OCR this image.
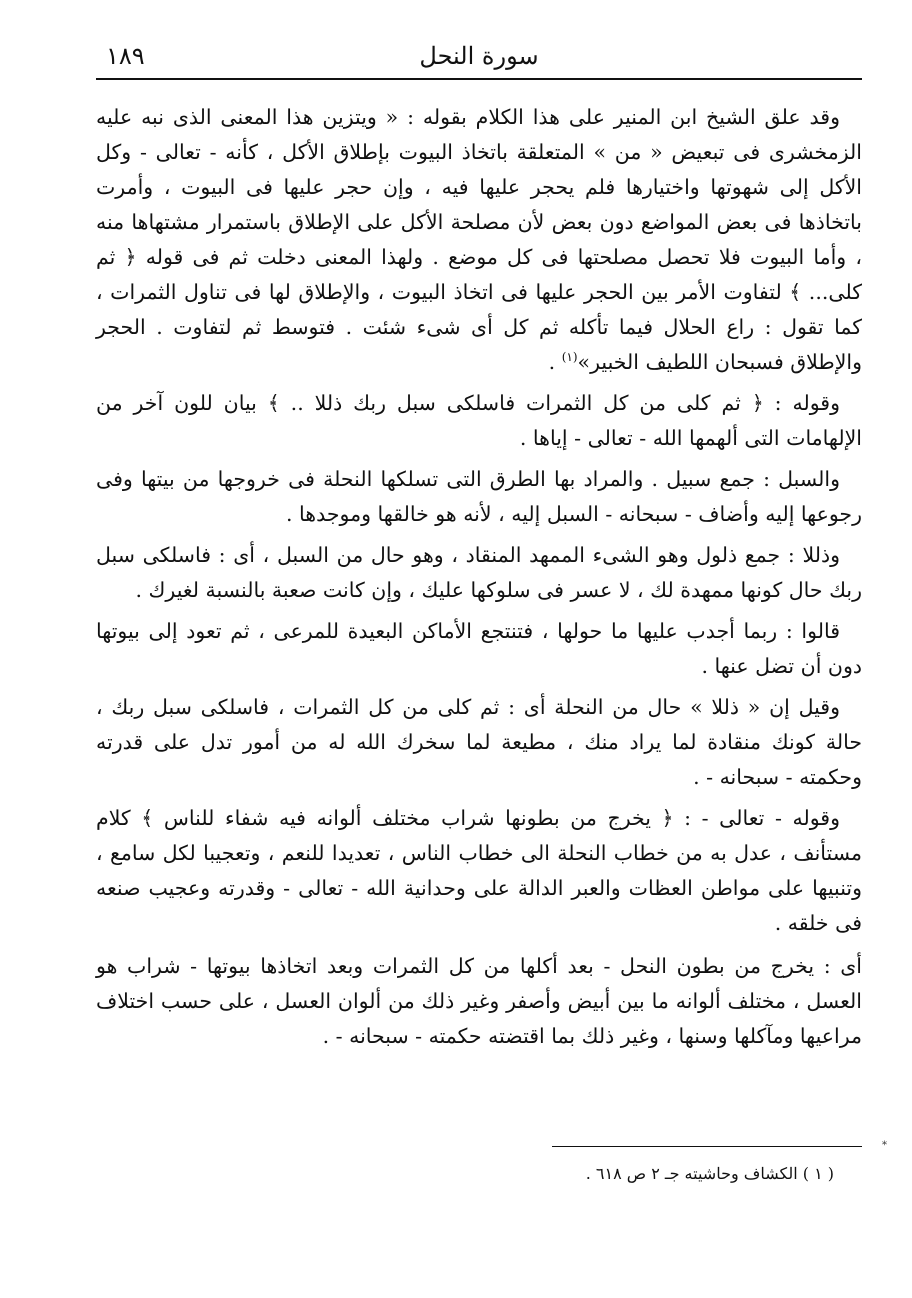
١٨٩	سورة النحل

وقد علق الشيخ ابن المنير على هذا الكلام بقوله : « ويتزين هذا المعنى الذى نبه عليه الزمخشرى فى تبعيض « من » المتعلقة باتخاذ البيوت بإطلاق الأكل ، كأنه - تعالى - وكل الأكل إلى شهوتها واختيارها فلم يحجر عليها فيه ، وإن حجر عليها فى البيوت ، وأمرت باتخاذها فى بعض المواضع دون بعض لأن مصلحة الأكل على الإطلاق باستمرار مشتهاها منه ، وأما البيوت فلا تحصل مصلحتها فى كل موضع . ولهذا المعنى دخلت ثم فى قوله ﴿ ثم كلى... ﴾ لتفاوت الأمر بين الحجر عليها فى اتخاذ البيوت ، والإطلاق لها فى تناول الثمرات ، كما تقول : راع الحلال فيما تأكله ثم كل أى شىء شئت . فتوسط ثم لتفاوت . الحجر والإطلاق فسبحان اللطيف الخبير»$^{(١)}$ .

وقوله : ﴿ ثم كلى من كل الثمرات فاسلكى سبل ربك ذللا .. ﴾ بيان للون آخر من الإلهامات التى ألهمها الله - تعالى - إياها .

والسبل : جمع سبيل . والمراد بها الطرق التى تسلكها النحلة فى خروجها من بيتها وفى رجوعها إليه وأضاف - سبحانه - السبل إليه ، لأنه هو خالقها وموجدها .

وذللا : جمع ذلول وهو الشىء الممهد المنقاد ، وهو حال من السبل ، أى : فاسلكى سبل ربك حال كونها ممهدة لك ، لا عسر فى سلوكها عليك ، وإن كانت صعبة بالنسبة لغيرك .

قالوا : ربما أجدب عليها ما حولها ، فتنتجع الأماكن البعيدة للمرعى ، ثم تعود إلى بيوتها دون أن تضل عنها .

وقيل إن « ذللا » حال من النحلة أى : ثم كلى من كل الثمرات ، فاسلكى سبل ربك ، حالة كونك منقادة لما يراد منك ، مطيعة لما سخرك الله له من أمور تدل على قدرته وحكمته - سبحانه - .

وقوله - تعالى - : ﴿ يخرج من بطونها شراب مختلف ألوانه فيه شفاء للناس ﴾ كلام مستأنف ، عدل به من خطاب النحلة الى خطاب الناس ، تعديدا للنعم ، وتعجيبا لكل سامع ، وتنبيها على مواطن العظات والعبر الدالة على وحدانية الله - تعالى - وقدرته وعجيب صنعه فى خلقه .

أى : يخرج من بطون النحل - بعد أكلها من كل الثمرات وبعد اتخاذها بيوتها - شراب هو العسل ، مختلف ألوانه ما بين أبيض وأصفر وغير ذلك من ألوان العسل ، على حسب اختلاف مراعيها ومآكلها وسنها ، وغير ذلك بما اقتضته حكمته - سبحانه - .

( ١ ) الكشاف وحاشيته جـ ٢ ص ٦١٨ .
*
